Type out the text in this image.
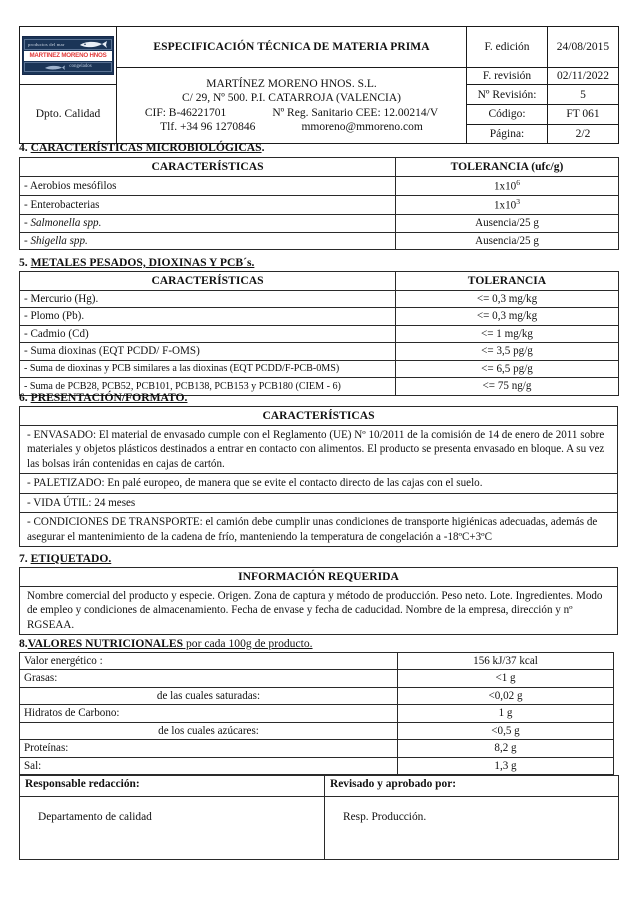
productos del mar
MARTINEZ MORENO HNOS
congelados	ESPECIFICACIÓN TÉCNICA DE MATERIA PRIMA	F. edición	24/08/2015

MARTÍNEZ MORENO HNOS. S.L.
C/ 29, Nº 500. P.I. CATARROJA (VALENCIA)
CIF: B-46221701	Nº Reg. Sanitario CEE: 12.00214/V
Tlf. +34 96 1270846	mmoreno@mmoreno.com
	F. revisión	02/11/2022
Dpto. Calidad		Nº Revisión:	5
		Código:	FT 061
		Página:	2/2
4. CARACTERÍSTICAS MICROBIOLÓGICAS.
CARACTERÍSTICAS	TOLERANCIA (ufc/g)
- Aerobios mesófilos	$1x10^6$
- Enterobacterias	$1x10^3$
- Salmonella spp.	Ausencia/25 g
- Shigella spp.	Ausencia/25 g
5. METALES PESADOS, DIOXINAS Y PCB´s.
CARACTERÍSTICAS	TOLERANCIA
- Mercurio (Hg).	<= 0,3 mg/kg
- Plomo (Pb).	<= 0,3 mg/kg
- Cadmio (Cd)	<= 1 mg/kg
- Suma dioxinas (EQT PCDD/ F-OMS)	<= 3,5 pg/g
- Suma de dioxinas y PCB similares a las dioxinas (EQT PCDD/F-PCB-0MS)	<= 6,5 pg/g
- Suma de PCB28, PCB52, PCB101, PCB138, PCB153 y PCB180 (CIEM - 6)	<= 75 ng/g
6. PRESENTACIÓN/FORMATO.
CARACTERÍSTICAS
- ENVASADO: El material de envasado cumple con el Reglamento (UE) Nº 10/2011 de la comisión de 14 de enero de 2011 sobre materiales y objetos plásticos destinados a entrar en contacto con alimentos. El producto se presenta envasado en bloque. A su vez las bolsas irán contenidas en cajas de cartón.
- PALETIZADO: En palé europeo, de manera que se evite el contacto directo de las cajas con el suelo.
- VIDA ÚTIL: 24 meses
- CONDICIONES DE TRANSPORTE: el camión debe cumplir unas condiciones de transporte higiénicas adecuadas, además de asegurar el mantenimiento de la cadena de frío, manteniendo la temperatura de congelación a -18ºC+3ºC
7. ETIQUETADO.
INFORMACIÓN REQUERIDA
Nombre comercial del producto y especie. Origen. Zona de captura y método de producción. Peso neto. Lote. Ingredientes. Modo de empleo y condiciones de almacenamiento. Fecha de envase y fecha de caducidad. Nombre de la empresa, dirección y nº RGSEAA.
8.VALORES NUTRICIONALES por cada 100g de producto.
Valor energético :	156 kJ/37 kcal
Grasas:	<1 g
de las cuales saturadas:	<0,02 g
Hidratos de Carbono:	1 g
de los cuales azúcares:	<0,5 g
Proteínas:	8,2 g
Sal:	1,3 g
Responsable redacción:	Revisado y aprobado por:
Departamento de calidad	Resp. Producción.
